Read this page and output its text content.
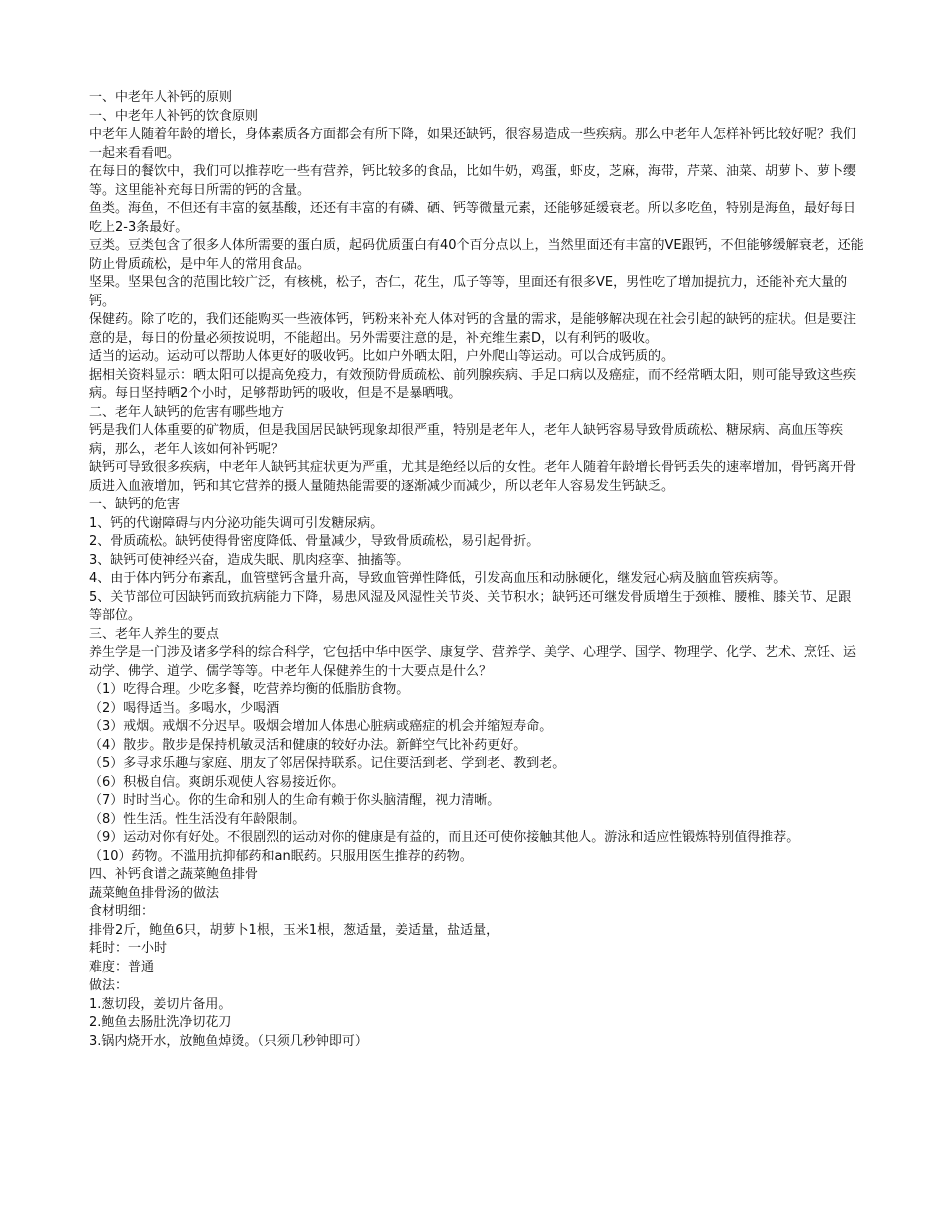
一、中老年人补钙的原则

一、中老年人补钙的饮食原则

中老年人随着年龄的增长，身体素质各方面都会有所下降，如果还缺钙，很容易造成一些疾病。那么中老年人怎样补钙比较好呢？我们一起来看看吧。

在每日的餐饮中，我们可以推荐吃一些有营养，钙比较多的食品，比如牛奶，鸡蛋，虾皮，芝麻，海带，芹菜、油菜、胡萝卜、萝卜缨等。这里能补充每日所需的钙的含量。

鱼类。海鱼，不但还有丰富的氨基酸，还还有丰富的有磷、硒、钙等微量元素，还能够延缓衰老。所以多吃鱼，特别是海鱼，最好每日吃上2-3条最好。

豆类。豆类包含了很多人体所需要的蛋白质，起码优质蛋白有40个百分点以上，当然里面还有丰富的VE跟钙，不但能够缓解衰老，还能防止骨质疏松，是中年人的常用食品。

坚果。坚果包含的范围比较广泛，有核桃，松子，杏仁，花生，瓜子等等，里面还有很多VE，男性吃了增加提抗力，还能补充大量的钙。

保健药。除了吃的，我们还能购买一些液体钙，钙粉来补充人体对钙的含量的需求，是能够解决现在社会引起的缺钙的症状。但是要注意的是，每日的份量必须按说明，不能超出。另外需要注意的是，补充维生素D，以有利钙的吸收。

适当的运动。运动可以帮助人体更好的吸收钙。比如户外晒太阳，户外爬山等运动。可以合成钙质的。

据相关资料显示：晒太阳可以提高免疫力，有效预防骨质疏松、前列腺疾病、手足口病以及癌症，而不经常晒太阳，则可能导致这些疾病。每日坚持晒2个小时，足够帮助钙的吸收，但是不是暴晒哦。

二、老年人缺钙的危害有哪些地方

钙是我们人体重要的矿物质，但是我国居民缺钙现象却很严重，特别是老年人，老年人缺钙容易导致骨质疏松、糖尿病、高血压等疾病，那么，老年人该如何补钙呢？

缺钙可导致很多疾病，中老年人缺钙其症状更为严重，尤其是绝经以后的女性。老年人随着年龄增长骨钙丢失的速率增加，骨钙离开骨质进入血液增加，钙和其它营养的摄人量随热能需要的逐渐减少而减少，所以老年人容易发生钙缺乏。

一、缺钙的危害

1、钙的代谢障碍与内分泌功能失调可引发糖尿病。

2、骨质疏松。缺钙使得骨密度降低、骨量减少，导致骨质疏松，易引起骨折。

3、缺钙可使神经兴奋，造成失眠、肌肉痉挛、抽搐等。

4、由于体内钙分布紊乱，血管壁钙含量升高，导致血管弹性降低，引发高血压和动脉硬化，继发冠心病及脑血管疾病等。

5、关节部位可因缺钙而致抗病能力下降，易患风湿及风湿性关节炎、关节积水；缺钙还可继发骨质增生于颈椎、腰椎、膝关节、足跟等部位。

三、老年人养生的要点

养生学是一门涉及诸多学科的综合科学，它包括中华中医学、康复学、营养学、美学、心理学、国学、物理学、化学、艺术、烹饪、运动学、佛学、道学、儒学等等。中老年人保健养生的十大要点是什么？

（1）吃得合理。少吃多餐，吃营养均衡的低脂肪食物。

（2）喝得适当。多喝水，少喝酒

（3）戒烟。戒烟不分迟早。吸烟会增加人体患心脏病或癌症的机会并缩短寿命。

（4）散步。散步是保持机敏灵活和健康的较好办法。新鲜空气比补药更好。

（5）多寻求乐趣与家庭、朋友了邻居保持联系。记住要活到老、学到老、教到老。

（6）积极自信。爽朗乐观使人容易接近你。

（7）时时当心。你的生命和别人的生命有赖于你头脑清醒，视力清晰。

（8）性生活。性生活没有年龄限制。

（9）运动对你有好处。不很剧烈的运动对你的健康是有益的，而且还可使你接触其他人。游泳和适应性锻炼特别值得推荐。

（10）药物。不滥用抗抑郁药和an眠药。只服用医生推荐的药物。

四、补钙食谱之蔬菜鲍鱼排骨

蔬菜鲍鱼排骨汤的做法

食材明细：

排骨2斤，鲍鱼6只，胡萝卜1根，玉米1根，葱适量，姜适量，盐适量，

耗时：一小时

难度：普通

做法：

1.葱切段，姜切片备用。

2.鲍鱼去肠肚洗净切花刀

3.锅内烧开水，放鲍鱼焯烫。（只须几秒钟即可）
